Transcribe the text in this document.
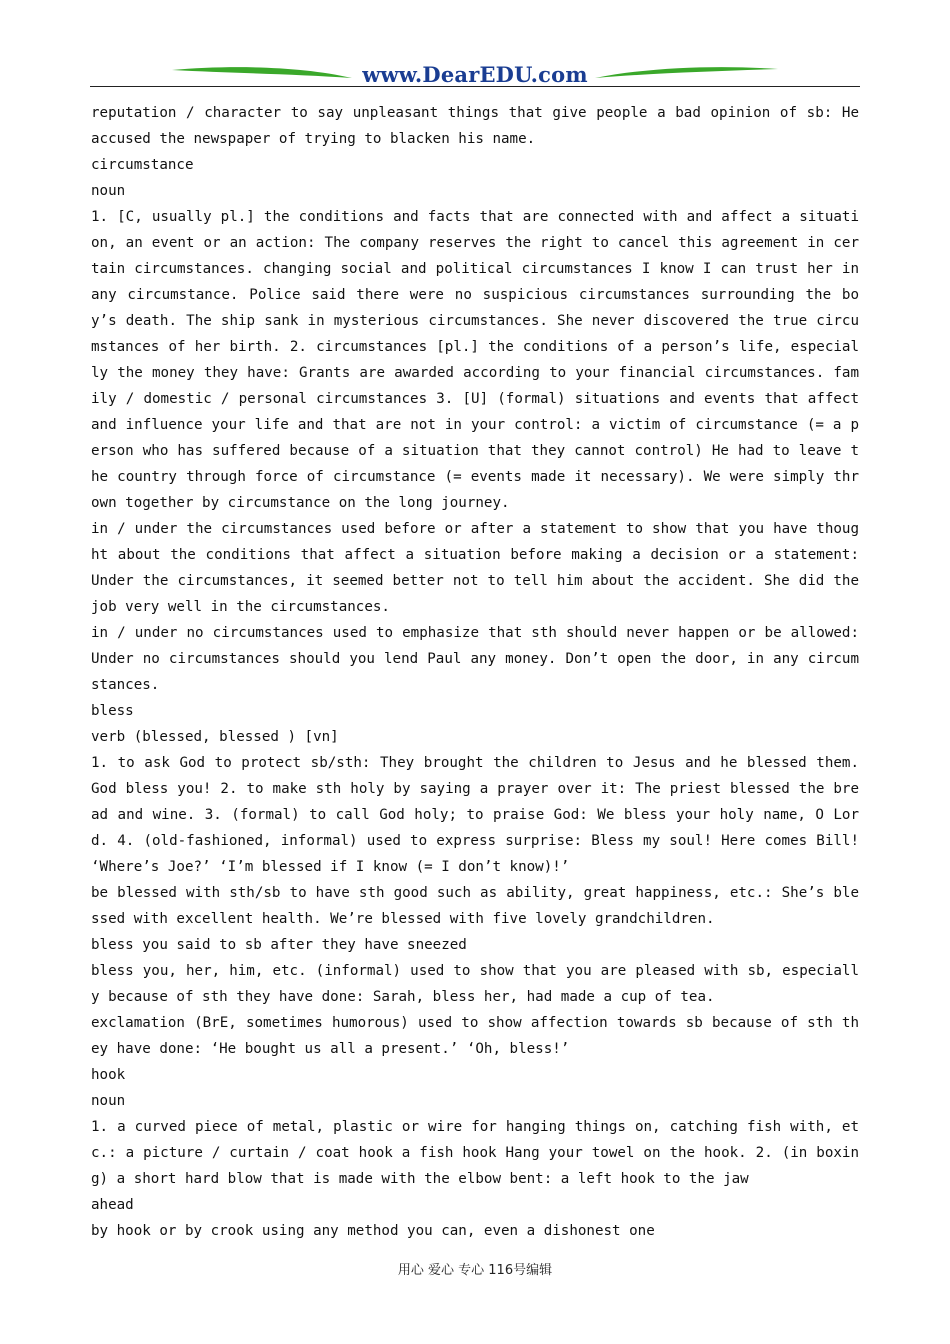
www.DearEDU.com

reputation / character to say unpleasant things that give people a bad opinion of sb: He accused the newspaper of trying to blacken his name.

circumstance

noun

1. [C, usually pl.] the conditions and facts that are connected with and affect a situation, an event or an action: The company reserves the right to cancel this agreement in certain circumstances. changing social and political circumstances I know I can trust her in any circumstance. Police said there were no suspicious circumstances surrounding the boy’s death. The ship sank in mysterious circumstances. She never discovered the true circumstances of her birth. 2. circumstances [pl.] the conditions of a person’s life, especially the money they have: Grants are awarded according to your financial circumstances. family / domestic / personal circumstances 3. [U] (formal) situations and events that affect and influence your life and that are not in your control: a victim of circumstance (= a person who has suffered because of a situation that they cannot control) He had to leave the country through force of circumstance (= events made it necessary). We were simply thrown together by circumstance on the long journey.

in / under the circumstances used before or after a statement to show that you have thought about the conditions that affect a situation before making a decision or a statement: Under the circumstances, it seemed better not to tell him about the accident. She did the job very well in the circumstances.

in / under no circumstances used to emphasize that sth should never happen or be allowed: Under no circumstances should you lend Paul any money. Don’t open the door, in any circumstances.

bless

verb (blessed, blessed ) [vn]

1. to ask God to protect sb/sth: They brought the children to Jesus and he blessed them. God bless you! 2. to make sth holy by saying a prayer over it: The priest blessed the bread and wine. 3. (formal) to call God holy; to praise God: We bless your holy name, O Lord. 4. (old-fashioned, informal) used to express surprise: Bless my soul! Here comes Bill! ‘Where’s Joe?’ ‘I’m blessed if I know (= I don’t know)!’

be blessed with sth/sb to have sth good such as ability, great happiness, etc.: She’s blessed with excellent health. We’re blessed with five lovely grandchildren.

bless you said to sb after they have sneezed

bless you, her, him, etc. (informal) used to show that you are pleased with sb, especially because of sth they have done: Sarah, bless her, had made a cup of tea.

exclamation (BrE, sometimes humorous) used to show affection towards sb because of sth they have done: ‘He bought us all a present.’ ‘Oh, bless!’

hook

noun

1. a curved piece of metal, plastic or wire for hanging things on, catching fish with, etc.: a picture / curtain / coat hook a fish hook Hang your towel on the hook. 2. (in boxing) a short hard blow that is made with the elbow bent: a left hook to the jaw

ahead

by hook or by crook using any method you can, even a dishonest one

用心 爱心 专心 116号编辑
